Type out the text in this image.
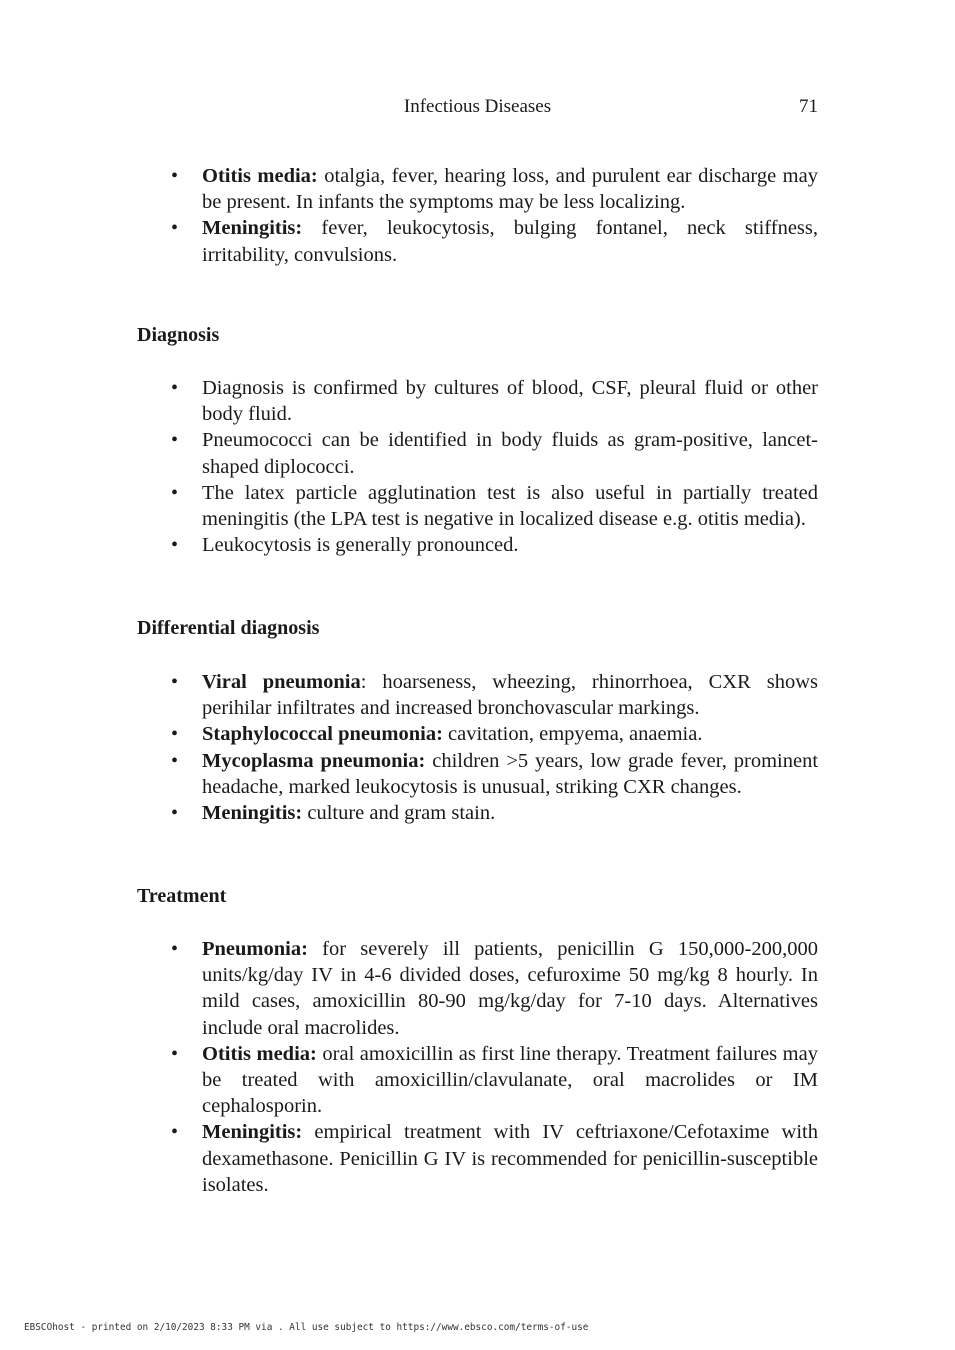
Infectious Diseases	71
• Otitis media: otalgia, fever, hearing loss, and purulent ear discharge may be present. In infants the symptoms may be less localizing.
• Meningitis: fever, leukocytosis, bulging fontanel, neck stiffness, irritability, convulsions.
Diagnosis
• Diagnosis is confirmed by cultures of blood, CSF, pleural fluid or other body fluid.
• Pneumococci can be identified in body fluids as gram-positive, lancet-shaped diplococci.
• The latex particle agglutination test is also useful in partially treated meningitis (the LPA test is negative in localized disease e.g. otitis media).
• Leukocytosis is generally pronounced.
Differential diagnosis
• Viral pneumonia: hoarseness, wheezing, rhinorrhoea, CXR shows perihilar infiltrates and increased bronchovascular markings.
• Staphylococcal pneumonia: cavitation, empyema, anaemia.
• Mycoplasma pneumonia: children >5 years, low grade fever, prominent headache, marked leukocytosis is unusual, striking CXR changes.
• Meningitis: culture and gram stain.
Treatment
• Pneumonia: for severely ill patients, penicillin G 150,000-200,000 units/kg/day IV in 4-6 divided doses, cefuroxime 50 mg/kg 8 hourly. In mild cases, amoxicillin 80-90 mg/kg/day for 7-10 days. Alternatives include oral macrolides.
• Otitis media: oral amoxicillin as first line therapy. Treatment failures may be treated with amoxicillin/clavulanate, oral macrolides or IM cephalosporin.
• Meningitis: empirical treatment with IV ceftriaxone/Cefotaxime with dexamethasone. Penicillin G IV is recommended for penicillin-susceptible isolates.
EBSCOhost - printed on 2/10/2023 8:33 PM via . All use subject to https://www.ebsco.com/terms-of-use
